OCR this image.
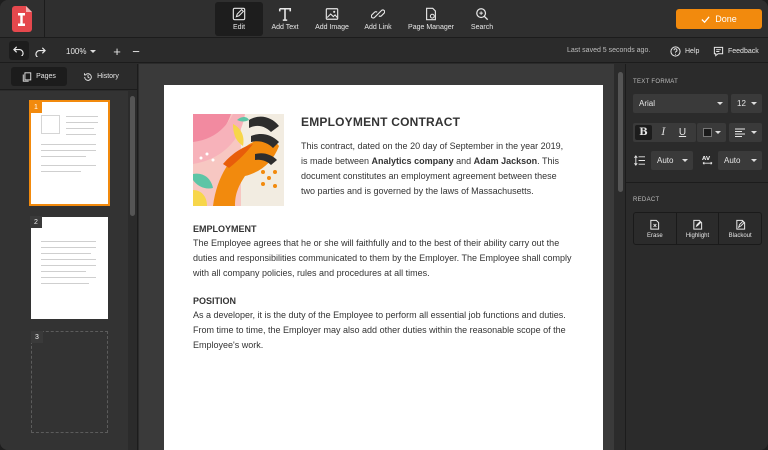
Edit	Add Text Add Image Add Link Page Manager Search
Done
100% + −	Last saved 5 seconds ago.	Help	Feedback
Pages	History
1
2
3
EMPLOYMENT CONTRACT
This contract, dated on the 20 day of September in the year 2019, is made between Analytics company and Adam Jackson. This document constitutes an employment agreement between these two parties and is governed by the laws of Massachusetts.
EMPLOYMENT
The Employee agrees that he or she will faithfully and to the best of their ability carry out the duties and responsibilities communicated to them by the Employer. The Employee shall comply with all company policies, rules and procedures at all times.
POSITION
As a developer, it is the duty of the Employee to perform all essential job functions and duties. From time to time, the Employer may also add other duties within the reasonable scope of the Employee's work.
TEXT FORMAT
Arial	12
B I U
Auto	AV Auto
REDACT
Erase	Highlight	Blackout
